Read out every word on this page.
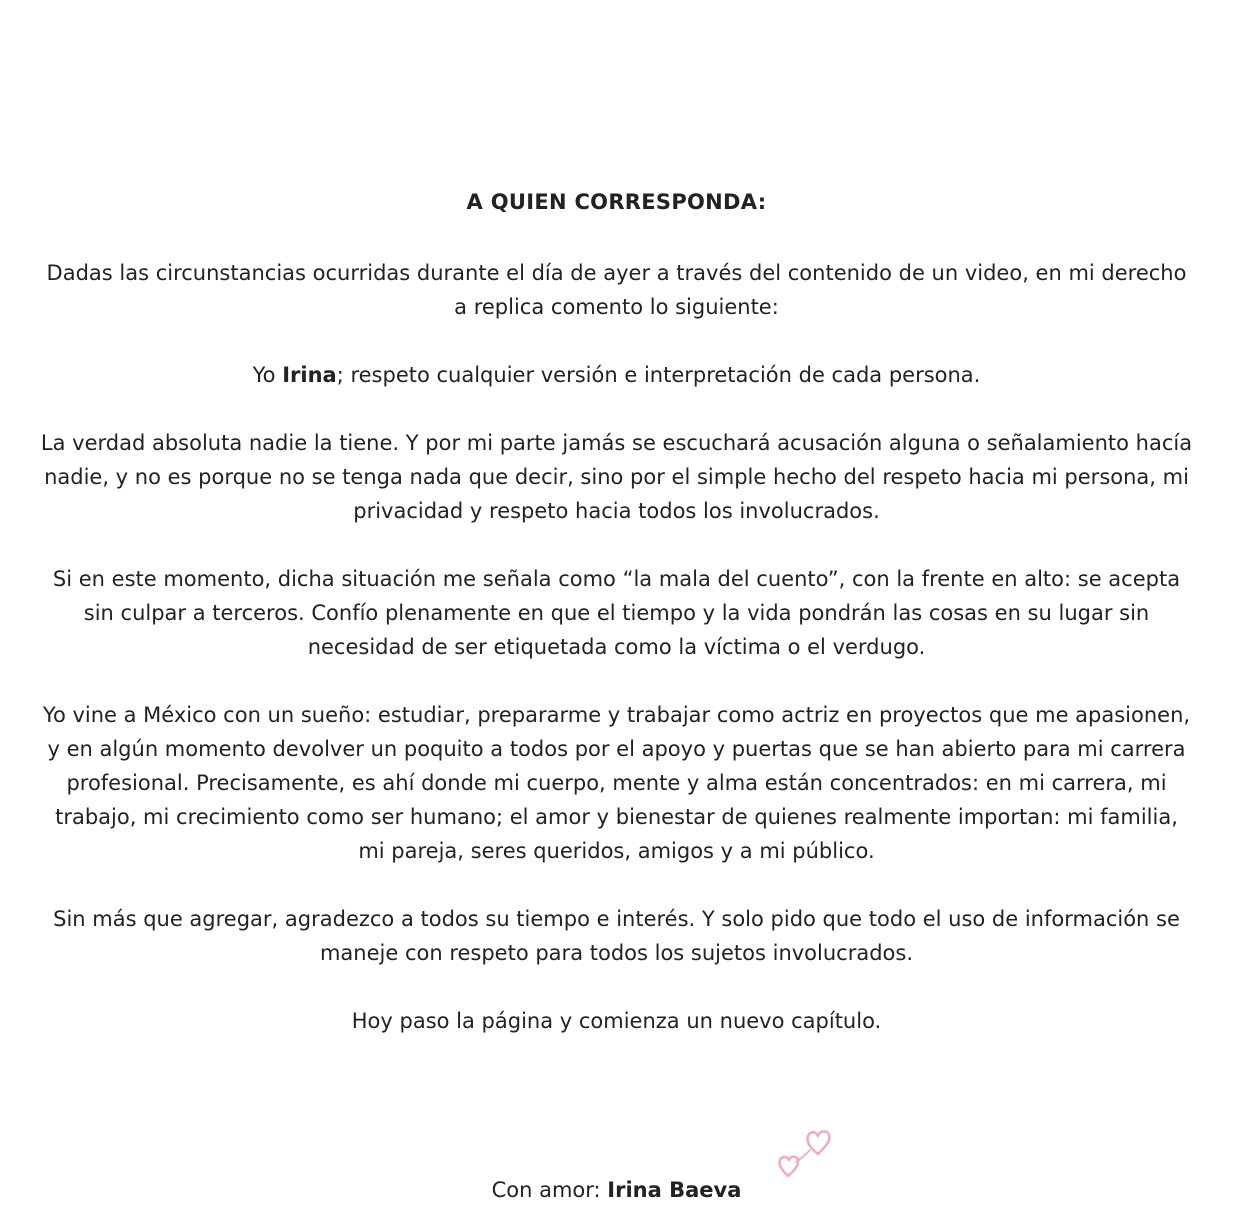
A QUIEN CORRESPONDA:
Dadas las circunstancias ocurridas durante el día de ayer a través del contenido de un video, en mi derecho a replica comento lo siguiente:
Yo Irina; respeto cualquier versión e interpretación de cada persona.
La verdad absoluta nadie la tiene. Y por mi parte jamás se escuchará acusación alguna o señalamiento hacía nadie, y no es porque no se tenga nada que decir, sino por el simple hecho del respeto hacia mi persona, mi privacidad y respeto hacia todos los involucrados.
Si en este momento, dicha situación me señala como “la mala del cuento”, con la frente en alto: se acepta sin culpar a terceros. Confío plenamente en que el tiempo y la vida pondrán las cosas en su lugar sin necesidad de ser etiquetada como la víctima o el verdugo.
Yo vine a México con un sueño: estudiar, prepararme y trabajar como actriz en proyectos que me apasionen, y en algún momento devolver un poquito a todos por el apoyo y puertas que se han abierto para mi carrera profesional. Precisamente, es ahí donde mi cuerpo, mente y alma están concentrados: en mi carrera, mi trabajo, mi crecimiento como ser humano; el amor y bienestar de quienes realmente importan: mi familia, mi pareja, seres queridos, amigos y a mi público.
Sin más que agregar, agradezco a todos su tiempo e interés. Y solo pido que todo el uso de información se maneje con respeto para todos los sujetos involucrados.
Hoy paso la página y comienza un nuevo capítulo.
Con amor: Irina Baeva
